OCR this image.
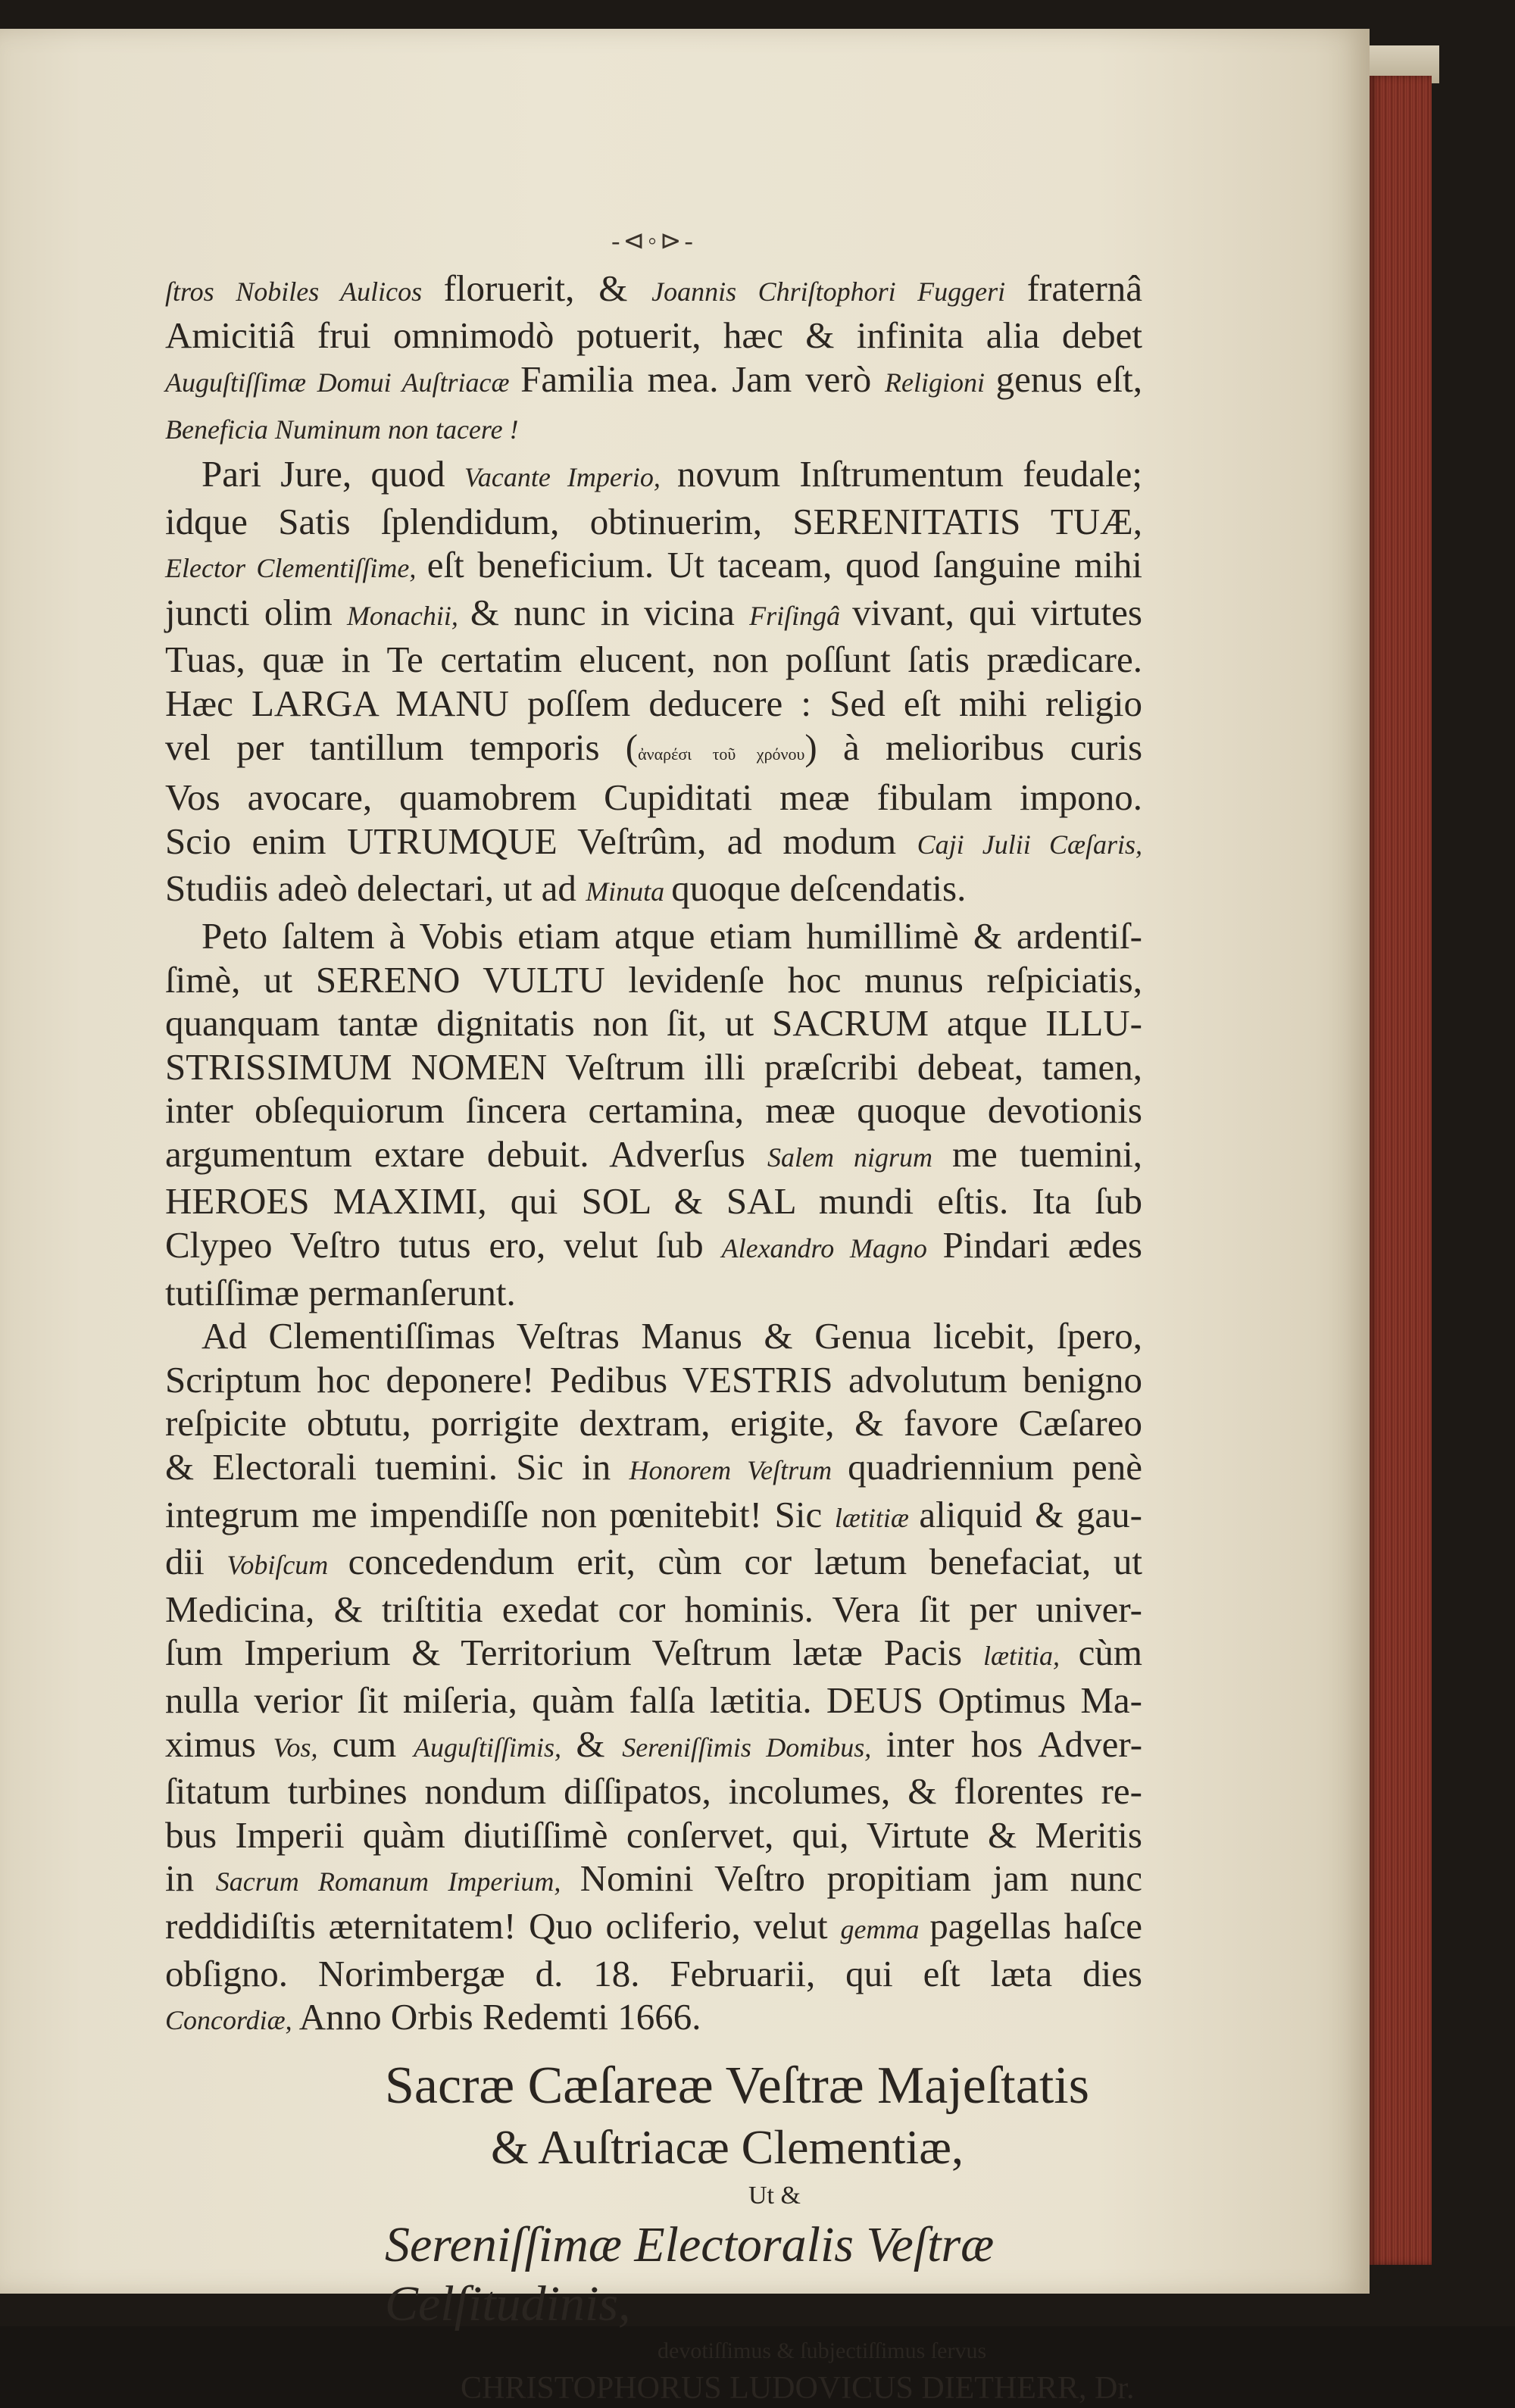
-⊲◦⊳-
ſtros Nobiles Aulicos floruerit, & Joannis Chriſtophori Fuggeri fraternâ
Amicitiâ frui omnimodò potuerit, hæc & infinita alia debet
Auguſtiſſimæ Domui Auſtriacæ Familia mea. Jam verò Religioni genus eſt,
Beneficia Numinum non tacere !
Pari Jure, quod Vacante Imperio, novum Inſtrumentum feudale;
idque Satis ſplendidum, obtinuerim, SERENITATIS TUÆ,
Elector Clementiſſime, eſt beneficium. Ut taceam, quod ſanguine mihi
juncti olim Monachii, & nunc in vicina Friſingâ vivant, qui virtutes
Tuas, quæ in Te certatim elucent, non poſſunt ſatis prædicare.
Hæc LARGA MANU poſſem deducere : Sed eſt mihi religio
vel per tantillum temporis (ἀναρέσι τοῦ χρόνου) à melioribus curis
Vos avocare, quamobrem Cupiditati meæ fibulam impono.
Scio enim UTRUMQUE Veſtrûm, ad modum Caji Julii Cæſaris,
Studiis adeò delectari, ut ad Minuta quoque deſcendatis.
Peto ſaltem à Vobis etiam atque etiam humillimè & ardentiſ-
ſimè, ut SERENO VULTU levidenſe hoc munus reſpiciatis,
quanquam tantæ dignitatis non ſit, ut SACRUM atque ILLU-
STRISSIMUM NOMEN Veſtrum illi præſcribi debeat, tamen,
inter obſequiorum ſincera certamina, meæ quoque devotionis
argumentum extare debuit. Adverſus Salem nigrum me tuemini,
HEROES MAXIMI, qui SOL & SAL mundi eſtis. Ita ſub
Clypeo Veſtro tutus ero, velut ſub Alexandro Magno Pindari ædes
tutiſſimæ permanſerunt.
Ad Clementiſſimas Veſtras Manus & Genua licebit, ſpero,
Scriptum hoc deponere! Pedibus VESTRIS advolutum benigno
reſpicite obtutu, porrigite dextram, erigite, & favore Cæſareo
& Electorali tuemini. Sic in Honorem Veſtrum quadriennium penè
integrum me impendiſſe non pœnitebit! Sic lætitiæ aliquid & gau-
dii Vobiſcum concedendum erit, cùm cor lætum benefaciat, ut
Medicina, & triſtitia exedat cor hominis. Vera ſit per univer-
ſum Imperium & Territorium Veſtrum lætæ Pacis lætitia, cùm
nulla verior ſit miſeria, quàm falſa lætitia. DEUS Optimus Ma-
ximus Vos, cum Auguſtiſſimis, & Sereniſſimis Domibus, inter hos Adver-
ſitatum turbines nondum diſſipatos, incolumes, & florentes re-
bus Imperii quàm diutiſſimè conſervet, qui, Virtute & Meritis
in Sacrum Romanum Imperium, Nomini Veſtro propitiam jam nunc
reddidiſtis æternitatem! Quo ocliferio, velut gemma pagellas haſce
obſigno. Norimbergæ d. 18. Februarii, qui eſt læta dies
Concordiæ, Anno Orbis Redemti 1666.
Sacræ Cæſareæ Veſtræ Majeſtatis
& Auſtriacæ Clementiæ,
Ut &
Sereniſſimæ Electoralis Veſtræ Celſitudinis,
devotiſſimus & ſubjectiſſimus ſervus
CHRISTOPHORUS LUDOVICUS DIETHERR, Dr.
